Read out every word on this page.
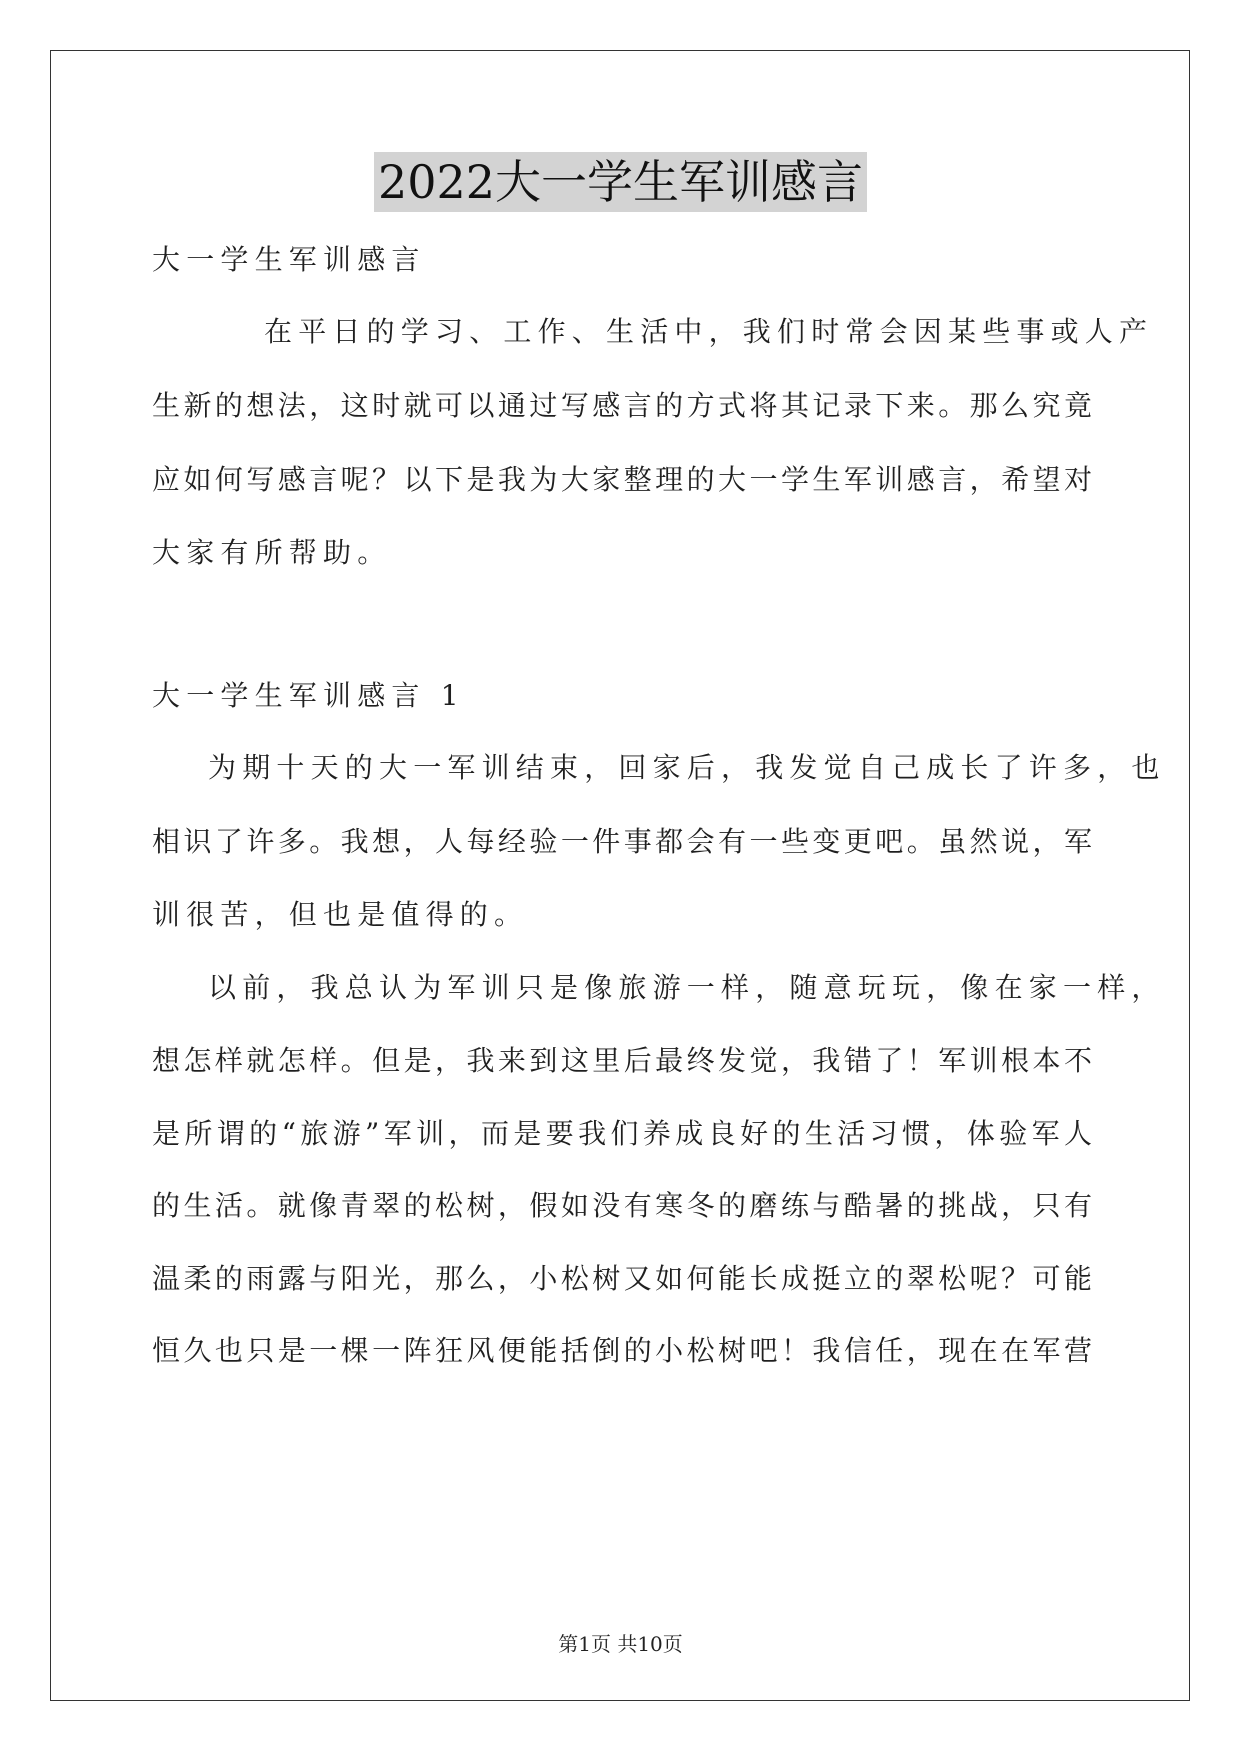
2022大一学生军训感言
大一学生军训感言
在平日的学习、工作、生活中，我们时常会因某些事或人产
生新的想法，这时就可以通过写感言的方式将其记录下来。那么究竟
应如何写感言呢？以下是我为大家整理的大一学生军训感言，希望对
大家有所帮助。
大一学生军训感言 1
为期十天的大一军训结束，回家后，我发觉自己成长了许多，也
相识了许多。我想，人每经验一件事都会有一些变更吧。虽然说，军
训很苦，但也是值得的。
以前，我总认为军训只是像旅游一样，随意玩玩，像在家一样，
想怎样就怎样。但是，我来到这里后最终发觉，我错了！军训根本不
是所谓的“旅游”军训，而是要我们养成良好的生活习惯，体验军人
的生活。就像青翠的松树，假如没有寒冬的磨练与酷暑的挑战，只有
温柔的雨露与阳光，那么，小松树又如何能长成挺立的翠松呢？可能
恒久也只是一棵一阵狂风便能括倒的小松树吧！我信任，现在在军营
第1页 共10页
